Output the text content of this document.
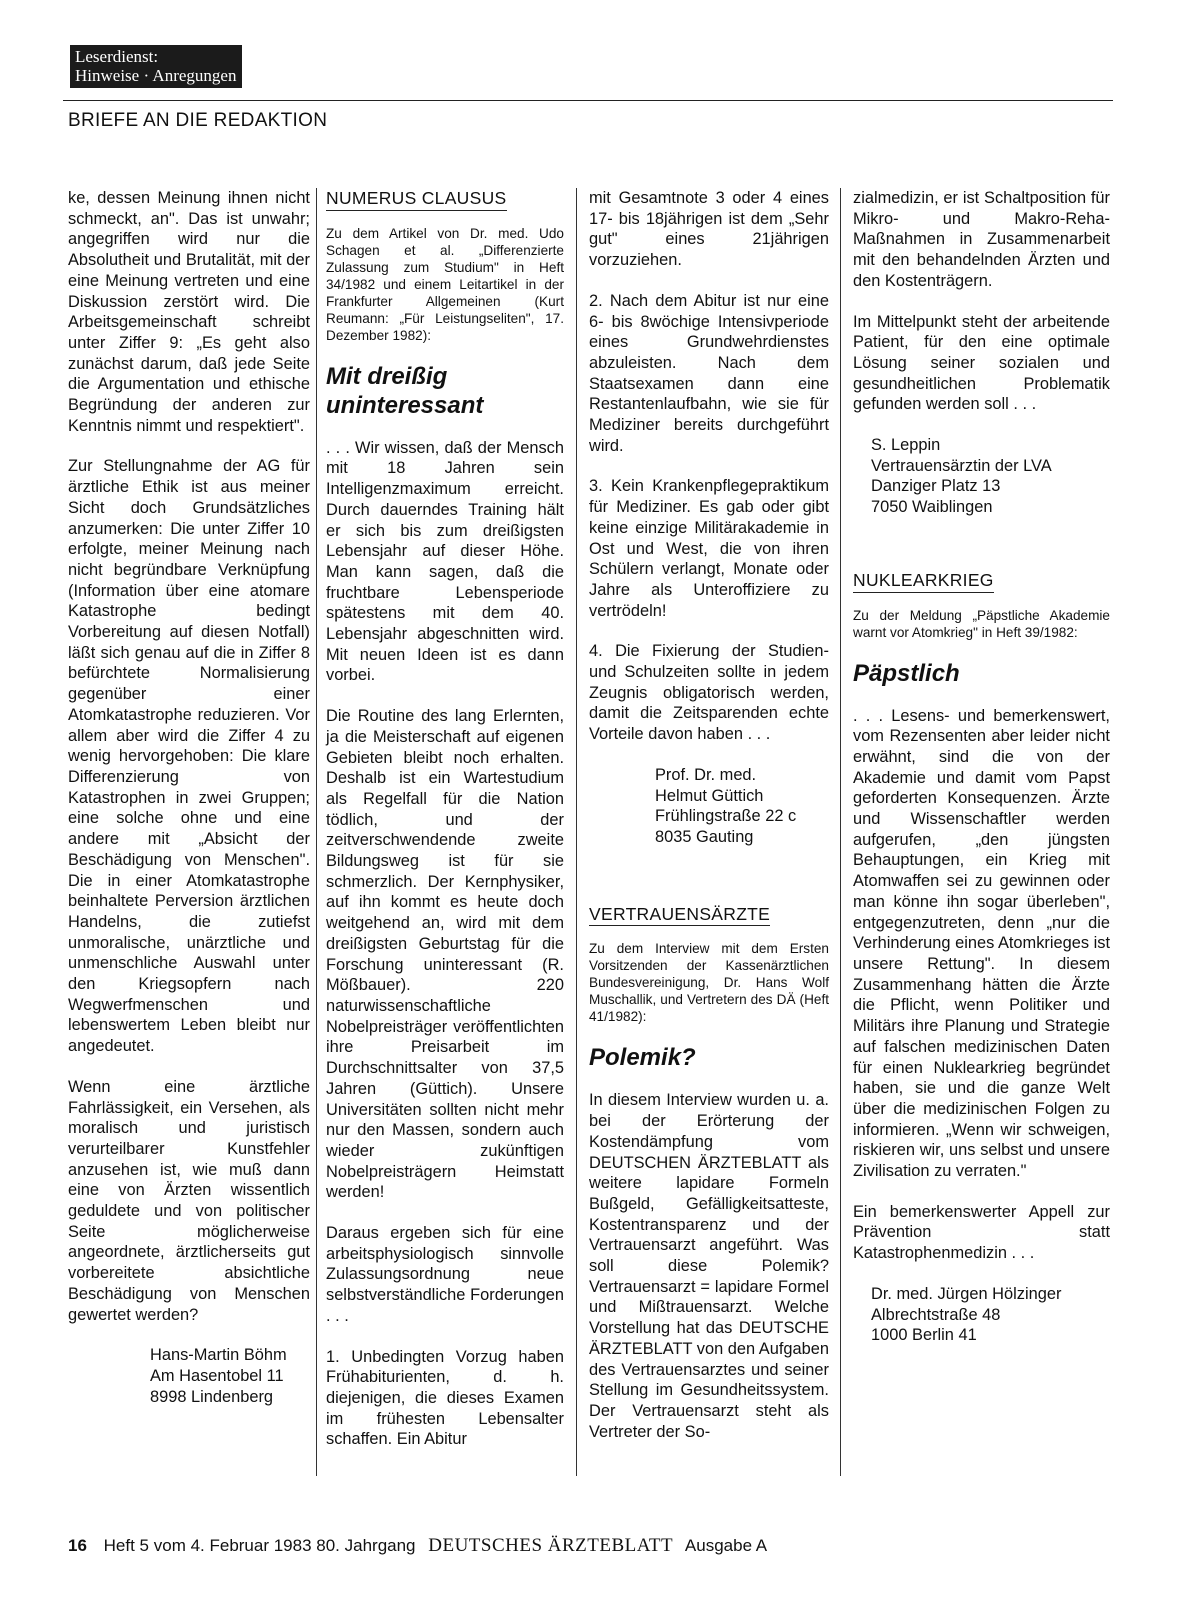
Leserdienst:
Hinweise · Anregungen
BRIEFE AN DIE REDAKTION

ke, dessen Meinung ihnen nicht schmeckt, an". Das ist unwahr; angegriffen wird nur die Absolutheit und Brutalität, mit der eine Meinung vertreten und eine Diskussion zerstört wird. Die Arbeitsgemeinschaft schreibt unter Ziffer 9: „Es geht also zunächst darum, daß jede Seite die Argumentation und ethische Begründung der anderen zur Kenntnis nimmt und respektiert".

Zur Stellungnahme der AG für ärztliche Ethik ist aus meiner Sicht doch Grundsätzliches anzumerken: Die unter Ziffer 10 erfolgte, meiner Meinung nach nicht begründbare Verknüpfung (Information über eine atomare Katastrophe bedingt Vorbereitung auf diesen Notfall) läßt sich genau auf die in Ziffer 8 befürchtete Normalisierung gegenüber einer Atomkatastrophe reduzieren. Vor allem aber wird die Ziffer 4 zu wenig hervorgehoben: Die klare Differenzierung von Katastrophen in zwei Gruppen; eine solche ohne und eine andere mit „Absicht der Beschädigung von Menschen". Die in einer Atomkatastrophe beinhaltete Perversion ärztlichen Handelns, die zutiefst unmoralische, unärztliche und unmenschliche Auswahl unter den Kriegsopfern nach Wegwerfmenschen und lebenswertem Leben bleibt nur angedeutet.

Wenn eine ärztliche Fahrlässigkeit, ein Versehen, als moralisch und juristisch verurteilbarer Kunstfehler anzusehen ist, wie muß dann eine von Ärzten wissentlich geduldete und von politischer Seite möglicherweise angeordnete, ärztlicherseits gut vorbereitete absichtliche Beschädigung von Menschen gewertet werden?

Hans-Martin Böhm
Am Hasentobel 11
8998 Lindenberg
NUMERUS CLAUSUS
Zu dem Artikel von Dr. med. Udo Schagen et al. „Differenzierte Zulassung zum Studium" in Heft 34/1982 und einem Leitartikel in der Frankfurter Allgemeinen (Kurt Reumann: „Für Leistungseliten", 17. Dezember 1982):
Mit dreißig
uninteressant

. . . Wir wissen, daß der Mensch mit 18 Jahren sein Intelligenzmaximum erreicht. Durch dauerndes Training hält er sich bis zum dreißigsten Lebensjahr auf dieser Höhe. Man kann sagen, daß die fruchtbare Lebensperiode spätestens mit dem 40. Lebensjahr abgeschnitten wird. Mit neuen Ideen ist es dann vorbei.

Die Routine des lang Erlernten, ja die Meisterschaft auf eigenen Gebieten bleibt noch erhalten. Deshalb ist ein Wartestudium als Regelfall für die Nation tödlich, und der zeitverschwendende zweite Bildungsweg ist für sie schmerzlich. Der Kernphysiker, auf ihn kommt es heute doch weitgehend an, wird mit dem dreißigsten Geburtstag für die Forschung uninteressant (R. Mößbauer). 220 naturwissenschaftliche Nobelpreisträger veröffentlichten ihre Preisarbeit im Durchschnittsalter von 37,5 Jahren (Güttich). Unsere Universitäten sollten nicht mehr nur den Massen, sondern auch wieder zukünftigen Nobelpreisträgern Heimstatt werden!

Daraus ergeben sich für eine arbeitsphysiologisch sinnvolle Zulassungsordnung neue selbstverständliche Forderungen . . .

1. Unbedingten Vorzug haben Frühabiturienten, d. h. diejenigen, die dieses Examen im frühesten Lebensalter schaffen. Ein Abitur

mit Gesamtnote 3 oder 4 eines 17- bis 18jährigen ist dem „Sehr gut" eines 21jährigen vorzuziehen.

2. Nach dem Abitur ist nur eine 6- bis 8wöchige Intensivperiode eines Grundwehrdienstes abzuleisten. Nach dem Staatsexamen dann eine Restantenlaufbahn, wie sie für Mediziner bereits durchgeführt wird.

3. Kein Krankenpflegepraktikum für Mediziner. Es gab oder gibt keine einzige Militärakademie in Ost und West, die von ihren Schülern verlangt, Monate oder Jahre als Unteroffiziere zu vertrödeln!

4. Die Fixierung der Studien- und Schulzeiten sollte in jedem Zeugnis obligatorisch werden, damit die Zeitsparenden echte Vorteile davon haben . . .

Prof. Dr. med.
Helmut Güttich
Frühlingstraße 22 c
8035 Gauting
VERTRAUENSÄRZTE
Zu dem Interview mit dem Ersten Vorsitzenden der Kassenärztlichen Bundesvereinigung, Dr. Hans Wolf Muschallik, und Vertretern des DÄ (Heft 41/1982):
Polemik?

In diesem Interview wurden u. a. bei der Erörterung der Kostendämpfung vom DEUTSCHEN ÄRZTEBLATT als weitere lapidare Formeln Bußgeld, Gefälligkeitsatteste, Kostentransparenz und der Vertrauensarzt angeführt. Was soll diese Polemik? Vertrauensarzt = lapidare Formel und Mißtrauensarzt. Welche Vorstellung hat das DEUTSCHE ÄRZTEBLATT von den Aufgaben des Vertrauensarztes und seiner Stellung im Gesundheitssystem. Der Vertrauensarzt steht als Vertreter der So-

zialmedizin, er ist Schaltposition für Mikro- und Makro-Reha-Maßnahmen in Zusammenarbeit mit den behandelnden Ärzten und den Kostenträgern.

Im Mittelpunkt steht der arbeitende Patient, für den eine optimale Lösung seiner sozialen und gesundheitlichen Problematik gefunden werden soll . . .

S. Leppin
Vertrauensärztin der LVA
Danziger Platz 13
7050 Waiblingen
NUKLEARKRIEG
Zu der Meldung „Päpstliche Akademie warnt vor Atomkrieg" in Heft 39/1982:
Päpstlich

. . . Lesens- und bemerkenswert, vom Rezensenten aber leider nicht erwähnt, sind die von der Akademie und damit vom Papst geforderten Konsequenzen. Ärzte und Wissenschaftler werden aufgerufen, „den jüngsten Behauptungen, ein Krieg mit Atomwaffen sei zu gewinnen oder man könne ihn sogar überleben", entgegenzutreten, denn „nur die Verhinderung eines Atomkrieges ist unsere Rettung". In diesem Zusammenhang hätten die Ärzte die Pflicht, wenn Politiker und Militärs ihre Planung und Strategie auf falschen medizinischen Daten für einen Nuklearkrieg begründet haben, sie und die ganze Welt über die medizinischen Folgen zu informieren. „Wenn wir schweigen, riskieren wir, uns selbst und unsere Zivilisation zu verraten."

Ein bemerkenswerter Appell zur Prävention statt Katastrophenmedizin . . .

Dr. med. Jürgen Hölzinger
Albrechtstraße 48
1000 Berlin 41
16 Heft 5 vom 4. Februar 1983 80. Jahrgang DEUTSCHES ÄRZTEBLATT Ausgabe A
